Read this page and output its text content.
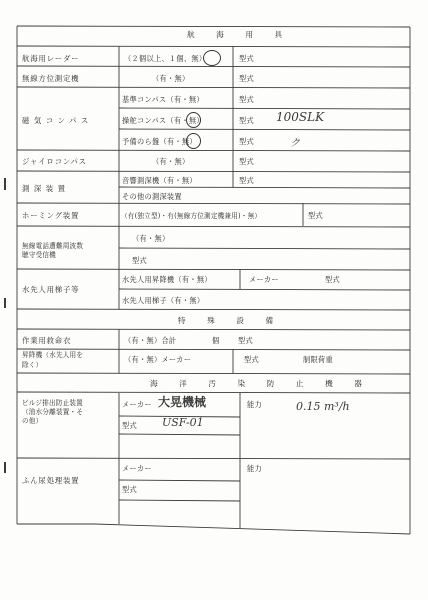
航　海　用　具
航海用レーダー	（２個以上、１個、無）	型式
無線方位測定機	（有・無）	型式
磁気コンパス
基準コンパス（有・無）	型式
操舵コンパス（有・無）	型式 100SLK
予備のら盤（有・無）	型式	ク
ジャイロコンパス	（有・無）	型式
測深装置
音響測深機（有・無）	型式
その他の測深装置
ホーミング装置	（有(独立型)・有(無線方位測定機兼用)・無）	型式
無線電話遭難周波数
聴守受信機
（有・無）
型式
水先人用梯子等
水先人用昇降機（有・無）	メーカー	型式
水先人用梯子（有・無）
特　殊　設　備
作業用救命衣	（有・無）合計	個	型式
昇降機（水先人用を
除く）
（有・無）メーカー	型式	制限荷重
海　洋　汚　染　防　止　機　器
ビルジ排出防止装置
（油水分離装置・そ
の他）
メーカー 大晃機械
型式 USF-01
能力	0.15 m³/h
ふん尿処理装置
メーカー
型式
能力
